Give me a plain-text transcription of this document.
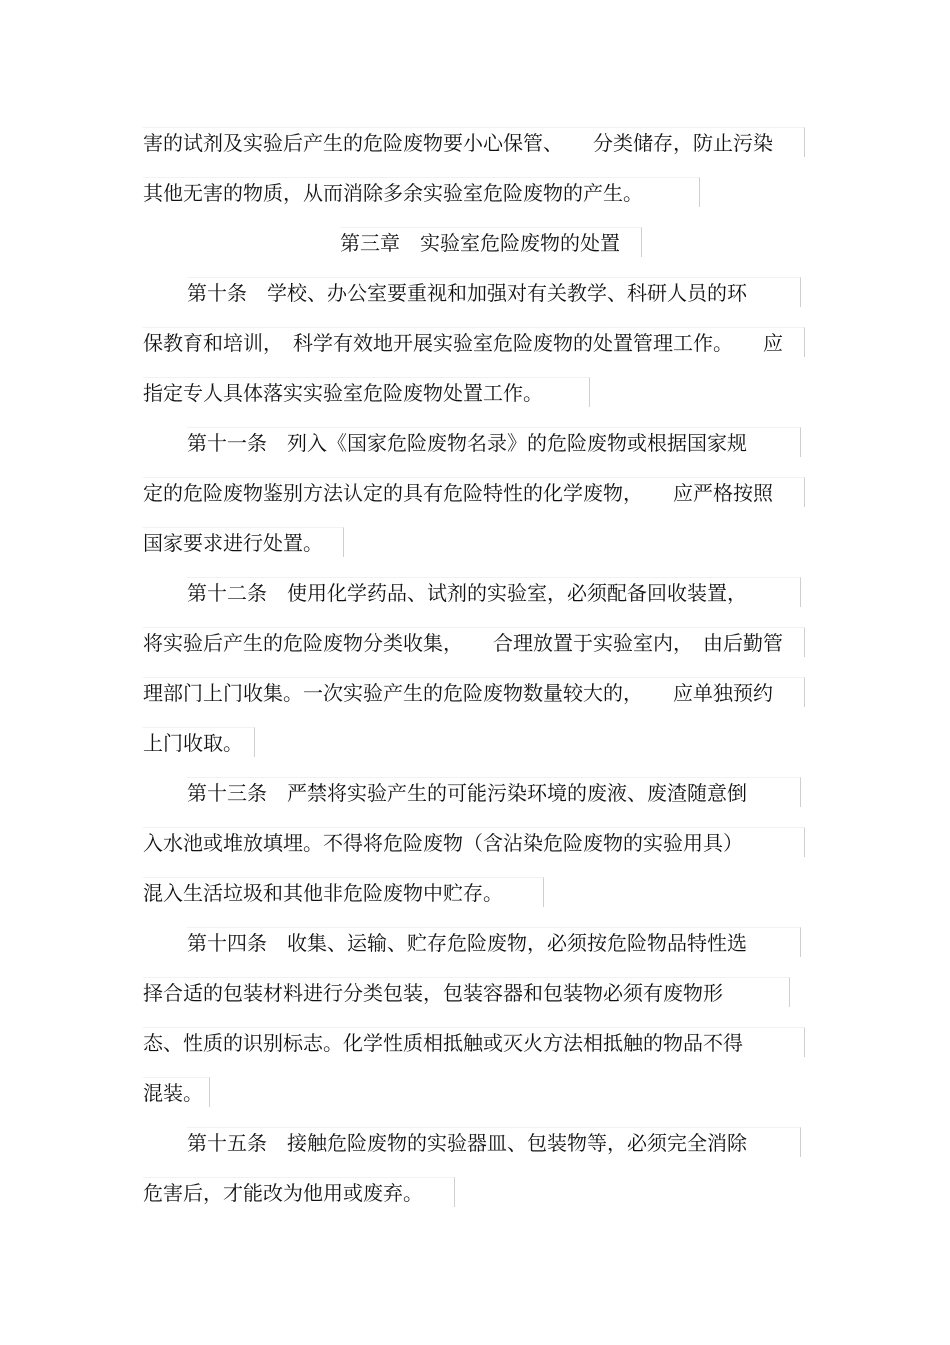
害的试剂及实验后产生的危险废物要小心保管、　　分类储存，防止污染
其他无害的物质，从而消除多余实验室危险废物的产生。
第三章　实验室危险废物的处置
第十条　学校、办公室要重视和加强对有关教学、科研人员的环
保教育和培训，　科学有效地开展实验室危险废物的处置管理工作。　　应
指定专人具体落实实验室危险废物处置工作。
第十一条　列入《国家危险废物名录》的危险废物或根据国家规
定的危险废物鉴别方法认定的具有危险特性的化学废物，　　应严格按照
国家要求进行处置。
第十二条　使用化学药品、试剂的实验室，必须配备回收装置，
将实验后产生的危险废物分类收集，　　合理放置于实验室内，　由后勤管
理部门上门收集。一次实验产生的危险废物数量较大的，　　应单独预约
上门收取。
第十三条　严禁将实验产生的可能污染环境的废液、废渣随意倒
入水池或堆放填埋。不得将危险废物（含沾染危险废物的实验用具）
混入生活垃圾和其他非危险废物中贮存。
第十四条　收集、运输、贮存危险废物，必须按危险物品特性选
择合适的包装材料进行分类包装，包装容器和包装物必须有废物形
态、性质的识别标志。化学性质相抵触或灭火方法相抵触的物品不得
混装。
第十五条　接触危险废物的实验器皿、包装物等，必须完全消除
危害后，才能改为他用或废弃。
